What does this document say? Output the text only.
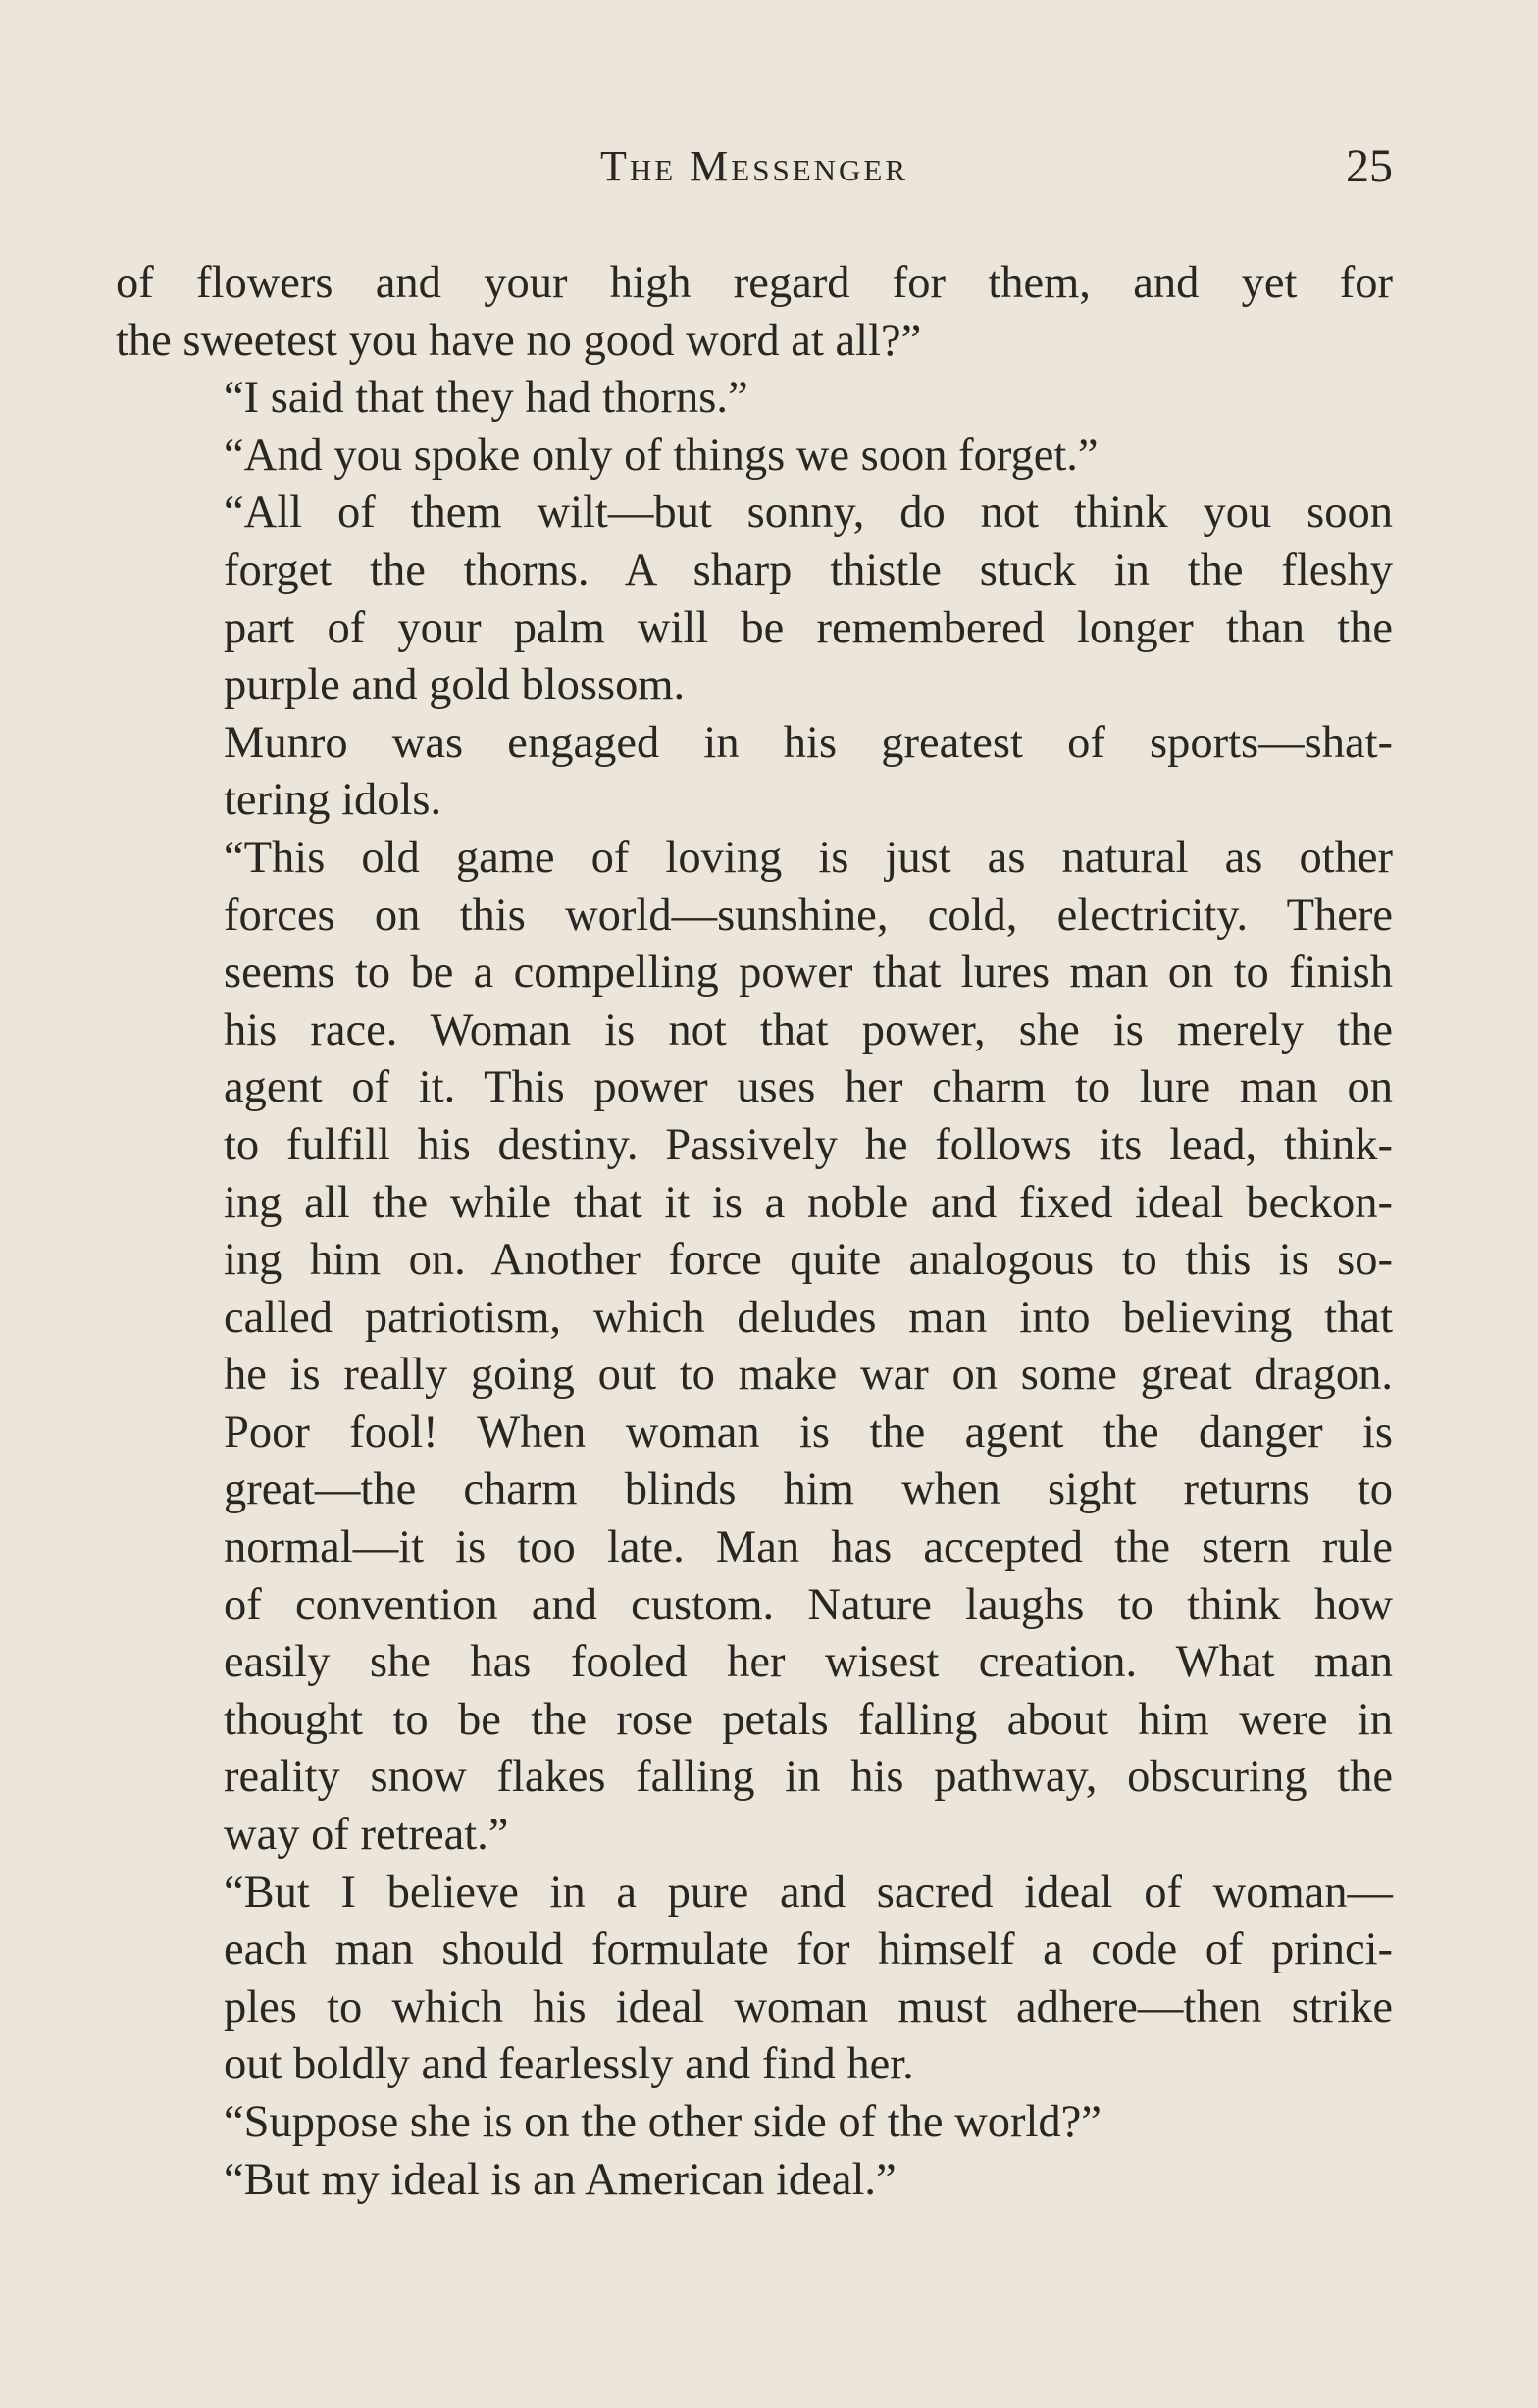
The Messenger	25
of flowers and your high regard for them, and yet for
the sweetest you have no good word at all?”
“I said that they had thorns.”
“And you spoke only of things we soon forget.”
“All of them wilt—but sonny, do not think you soon
forget the thorns. A sharp thistle stuck in the fleshy
part of your palm will be remembered longer than the
purple and gold blossom.
Munro was engaged in his greatest of sports—shat-
tering idols.
“This old game of loving is just as natural as other
forces on this world—sunshine, cold, electricity. There
seems to be a compelling power that lures man on to finish
his race. Woman is not that power, she is merely the
agent of it. This power uses her charm to lure man on
to fulfill his destiny. Passively he follows its lead, think-
ing all the while that it is a noble and fixed ideal beckon-
ing him on. Another force quite analogous to this is so-
called patriotism, which deludes man into believing that
he is really going out to make war on some great dragon.
Poor fool! When woman is the agent the danger is
great—the charm blinds him when sight returns to
normal—it is too late. Man has accepted the stern rule
of convention and custom. Nature laughs to think how
easily she has fooled her wisest creation. What man
thought to be the rose petals falling about him were in
reality snow flakes falling in his pathway, obscuring the
way of retreat.”
“But I believe in a pure and sacred ideal of woman—
each man should formulate for himself a code of princi-
ples to which his ideal woman must adhere—then strike
out boldly and fearlessly and find her.
“Suppose she is on the other side of the world?”
“But my ideal is an American ideal.”
